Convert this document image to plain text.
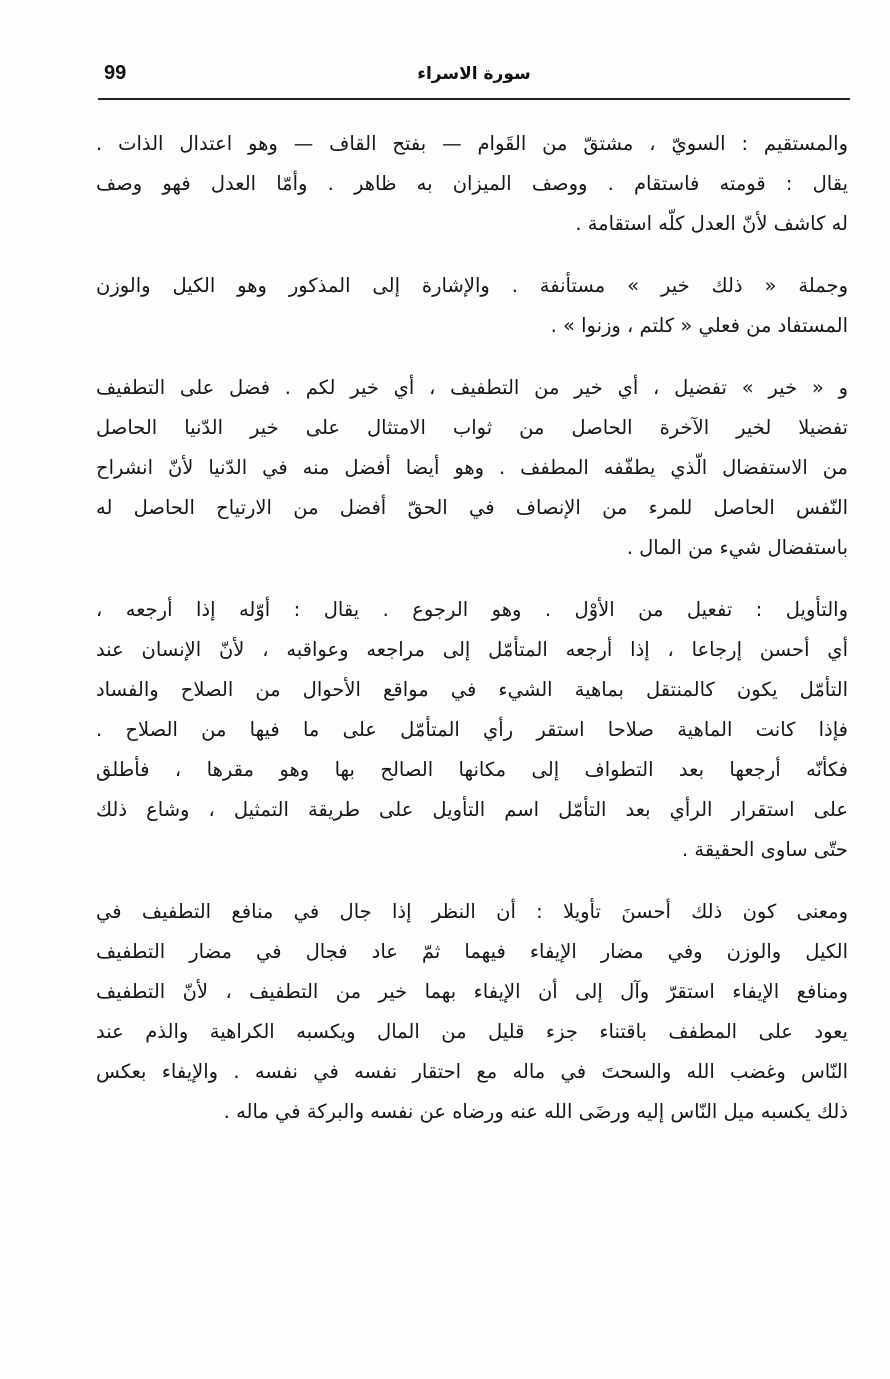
99	سورة الاسراء
والمستقيم : السويّ ، مشتقّ من القَوام — بفتح القاف — وهو اعتدال الذات .
يقال : قومته فاستقام . ووصف الميزان به ظاهر . وأمّا العدل فهو وصف
له كاشف لأنّ العدل كلّه استقامة .
وجملة « ذلك خير » مستأنفة . والإشارة إلى المذكور وهو الكيل والوزن
المستفاد من فعلي « كلتم ، وزنوا » .
و « خير » تفضيل ، أي خير من التطفيف ، أي خير لكم . فضل على التطفيف
تفضيلا لخير الآخرة الحاصل من ثواب الامتثال على خير الدّنيا الحاصل
من الاستفضال الّذي يطفّفه المطفف . وهو أيضا أفضل منه في الدّنيا لأنّ انشراح
النّفس الحاصل للمرء من الإنصاف في الحقّ أفضل من الارتياح الحاصل له
باستفضال شيء من المال .
والتأويل : تفعيل من الأوْل . وهو الرجوع . يقال : أوّله إذا أرجعه ،
أي أحسن إرجاعا ، إذا أرجعه المتأمّل إلى مراجعه وعواقبه ، لأنّ الإنسان عند
التأمّل يكون كالمنتقل بماهية الشيء في مواقع الأحوال من الصلاح والفساد
فإذا كانت الماهية صلاحا استقر رأي المتأمّل على ما فيها من الصلاح .
فكأنّه أرجعها بعد التطواف إلى مكانها الصالح بها وهو مقرها ، فأطلق
على استقرار الرأي بعد التأمّل اسم التأويل على طريقة التمثيل ، وشاع ذلك
حتّى ساوى الحقيقة .
ومعنى كون ذلك أحسنَ تأويلا : أن النظر إذا جال في منافع التطفيف في
الكيل والوزن وفي مضار الإيفاء فيهما ثمّ عاد فجال في مضار التطفيف
ومنافع الإيفاء استقرّ وآل إلى أن الإيفاء بهما خير من التطفيف ، لأنّ التطفيف
يعود على المطفف باقتناء جزء قليل من المال ويكسبه الكراهية والذم عند
النّاس وغضب الله والسحتَ في ماله مع احتقار نفسه في نفسه . والإيفاء بعكس
ذلك يكسبه ميل النّاس إليه ورضَى الله عنه ورضاه عن نفسه والبركة في ماله .
